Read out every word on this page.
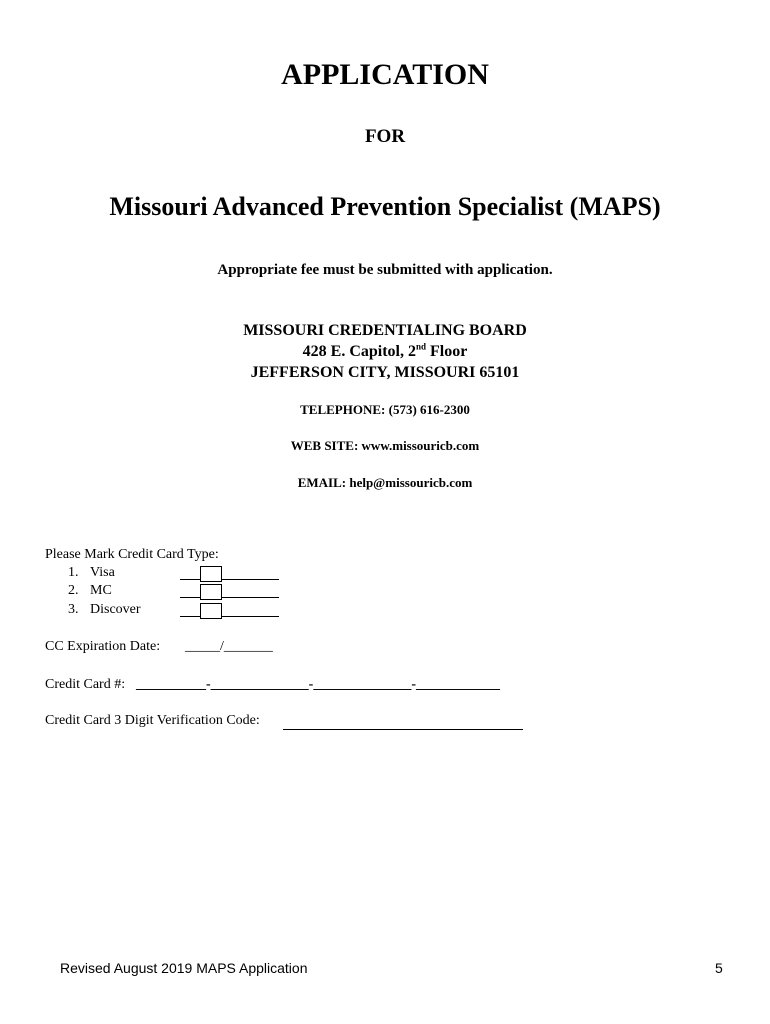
APPLICATION
FOR
Missouri Advanced Prevention Specialist (MAPS)
Appropriate fee must be submitted with application.
MISSOURI CREDENTIALING BOARD
428 E. Capitol, 2nd Floor
JEFFERSON CITY, MISSOURI 65101
TELEPHONE: (573) 616-2300
WEB SITE: www.missouricb.com
EMAIL: help@missouricb.com
Please Mark Credit Card Type:
1. Visa
2. MC
3. Discover
CC Expiration Date: _____/_______
Credit Card #: __________-______________-______________-____________
Credit Card 3 Digit Verification Code:
Revised August 2019 MAPS Application	5
